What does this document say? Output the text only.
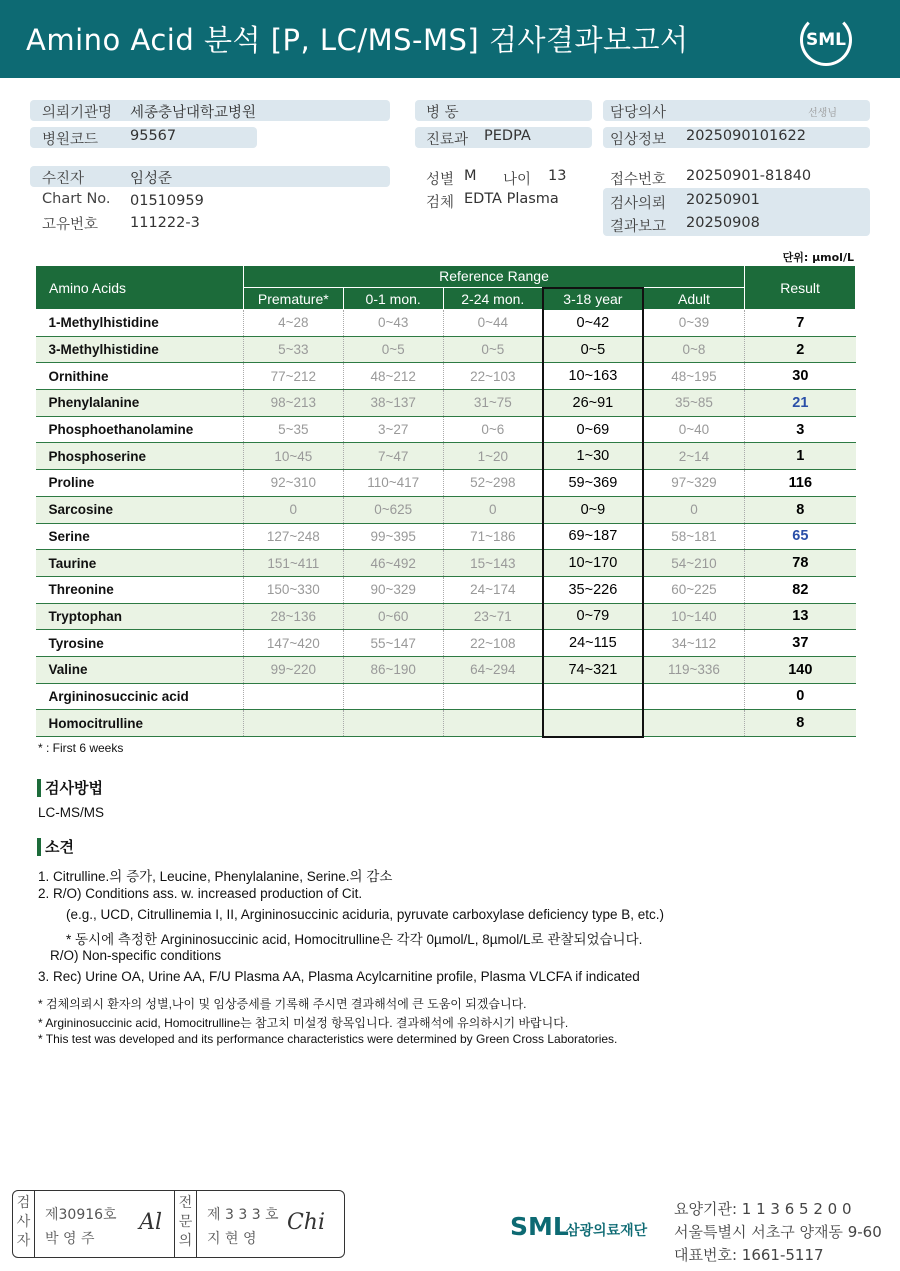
Amino Acid 분석 [P, LC/MS-MS] 검사결과보고서	SML
의뢰기관명 세종충남대학교병원
병원코드 95567
병 동
진료과 PEDPA
담당의사	선생님
임상정보 2025090101622
수진자	임성준
Chart No. 01510959
고유번호 111222-3
성별 M 나이 13
검체 EDTA Plasma
접수번호 20250901-81840
검사의뢰 20250901
결과보고 20250908
단위: µmol/L
Amino Acids	Reference Range					Result
	Premature*	0-1 mon.	2-24 mon.	3-18 year	Adult	
1-Methylhistidine	4~28	0~43	0~44	0~42	0~39	7
3-Methylhistidine	5~33	0~5	0~5	0~5	0~8	2
Ornithine	77~212	48~212	22~103	10~163	48~195	30
Phenylalanine	98~213	38~137	31~75	26~91	35~85	21
Phosphoethanolamine	5~35	3~27	0~6	0~69	0~40	3
Phosphoserine	10~45	7~47	1~20	1~30	2~14	1
Proline	92~310	110~417	52~298	59~369	97~329	116
Sarcosine	0	0~625	0	0~9	0	8
Serine	127~248	99~395	71~186	69~187	58~181	65
Taurine	151~411	46~492	15~143	10~170	54~210	78
Threonine	150~330	90~329	24~174	35~226	60~225	82
Tryptophan	28~136	0~60	23~71	0~79	10~140	13
Tyrosine	147~420	55~147	22~108	24~115	34~112	37
Valine	99~220	86~190	64~294	74~321	119~336	140
Argininosuccinic acid						0
Homocitrulline						8
* : First 6 weeks
검사방법
LC-MS/MS
소견
1. Citrulline.의 증가, Leucine, Phenylalanine, Serine.의 감소
2. R/O) Conditions ass. w. increased production of Cit.
(e.g., UCD, Citrullinemia I, II, Argininosuccinic aciduria, pyruvate carboxylase deficiency type B, etc.)
* 동시에 측정한 Argininosuccinic acid, Homocitrulline은 각각 0µmol/L, 8µmol/L로 관찰되었습니다.
R/O) Non-specific conditions
3. Rec) Urine OA, Urine AA, F/U Plasma AA, Plasma Acylcarnitine profile, Plasma VLCFA if indicated
* 검체의뢰시 환자의 성별,나이 및 임상증세를 기록해 주시면 결과해석에 큰 도움이 되겠습니다.
* Argininosuccinic acid, Homocitrulline는 참고치 미설정 항목입니다. 결과해석에 유의하시기 바랍니다.
* This test was developed and its performance characteristics were determined by Green Cross Laboratories.
검
사
자
제30916호
박 영 주
Al
전
문
의
제 3 3 3 호
지 현 영
Chi	SML
삼광의료재단
요양기관: 1 1 3 6 5 2 0 0
서울특별시 서초구 양재동 9-60
대표번호: 1661-5117
